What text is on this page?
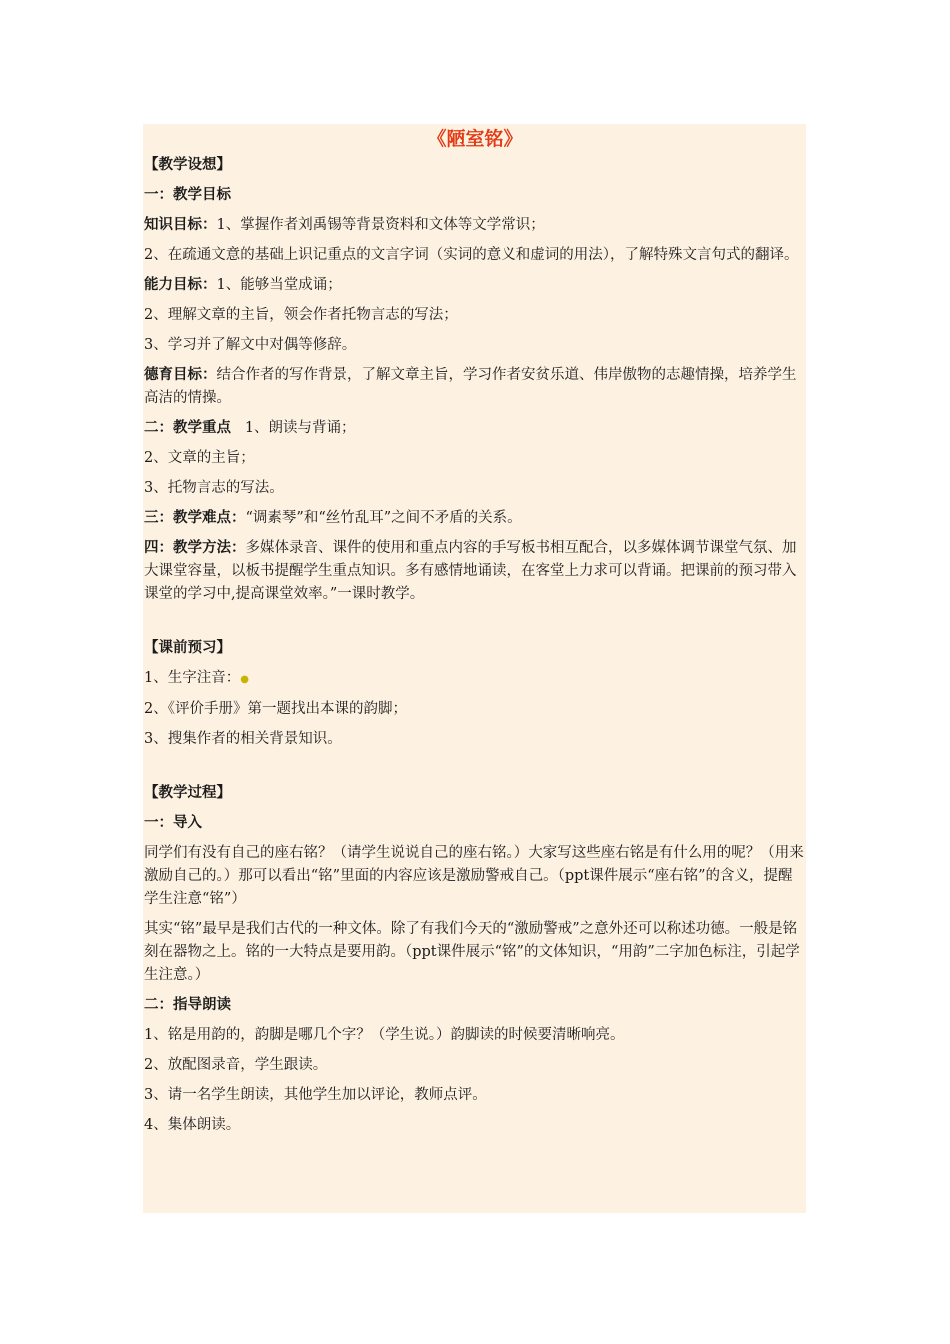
《陋室铭》
【教学设想】
一：教学目标
知识目标：1、掌握作者刘禹锡等背景资料和文体等文学常识；
2、在疏通文意的基础上识记重点的文言字词（实词的意义和虚词的用法），了解特殊文言句式的翻译。
能力目标：1、能够当堂成诵；
2、理解文章的主旨，领会作者托物言志的写法；
3、学习并了解文中对偶等修辞。
德育目标：结合作者的写作背景，了解文章主旨，学习作者安贫乐道、伟岸傲物的志趣情操，培养学生高洁的情操。
二：教学重点 1、朗读与背诵；
2、文章的主旨；
3、托物言志的写法。
三：教学难点：“调素琴”和“丝竹乱耳”之间不矛盾的关系。
四：教学方法：多媒体录音、课件的使用和重点内容的手写板书相互配合，以多媒体调节课堂气氛、加大课堂容量，以板书提醒学生重点知识。多有感情地诵读，在客堂上力求可以背诵。把课前的预习带入课堂的学习中,提高课堂效率。”一课时教学。
【课前预习】
1、生字注音：●
2、《评价手册》第一题找出本课的韵脚；
3、搜集作者的相关背景知识。
【教学过程】
一：导入
同学们有没有自己的座右铭？（请学生说说自己的座右铭。）大家写这些座右铭是有什么用的呢？（用来激励自己的。）那可以看出“铭”里面的内容应该是激励警戒自己。（ppt课件展示“座右铭”的含义，提醒学生注意“铭”）
其实“铭”最早是我们古代的一种文体。除了有我们今天的“激励警戒”之意外还可以称述功德。一般是铭刻在器物之上。铭的一大特点是要用韵。（ppt课件展示“铭”的文体知识，“用韵”二字加色标注，引起学生注意。）
二：指导朗读
1、铭是用韵的，韵脚是哪几个字？（学生说。）韵脚读的时候要清晰响亮。
2、放配图录音，学生跟读。
3、请一名学生朗读，其他学生加以评论，教师点评。
4、集体朗读。
